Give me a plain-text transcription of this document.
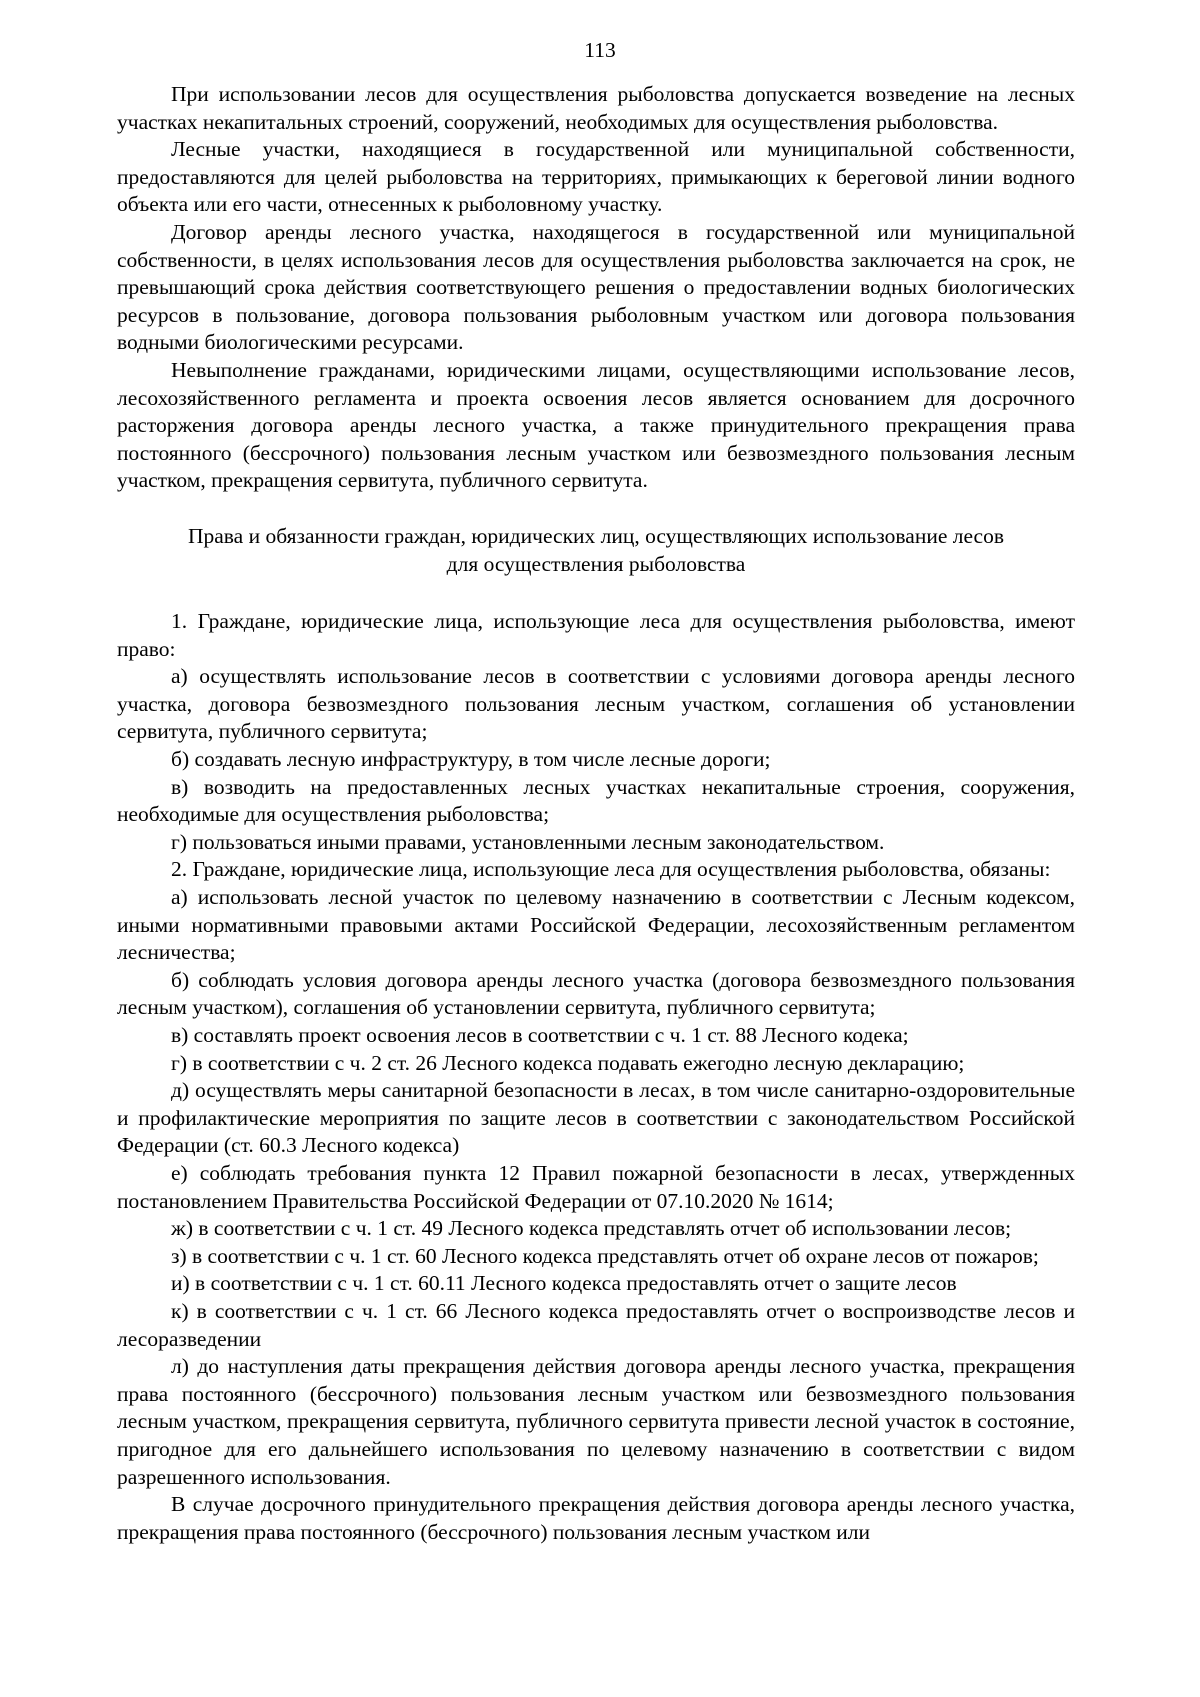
113

При использовании лесов для осуществления рыболовства допускается возведение на лесных участках некапитальных строений, сооружений, необходимых для осуществления рыболовства.

Лесные участки, находящиеся в государственной или муниципальной собственности, предоставляются для целей рыболовства на территориях, примыкающих к береговой линии водного объекта или его части, отнесенных к рыболовному участку.

Договор аренды лесного участка, находящегося в государственной или муниципальной собственности, в целях использования лесов для осуществления рыболовства заключается на срок, не превышающий срока действия соответствующего решения о предоставлении водных биологических ресурсов в пользование, договора пользования рыболовным участком или договора пользования водными биологическими ресурсами.

Невыполнение гражданами, юридическими лицами, осуществляющими использование лесов, лесохозяйственного регламента и проекта освоения лесов является основанием для досрочного расторжения договора аренды лесного участка, а также принудительного прекращения права постоянного (бессрочного) пользования лесным участком или безвозмездного пользования лесным участком, прекращения сервитута, публичного сервитута.

Права и обязанности граждан, юридических лиц, осуществляющих использование лесов
для осуществления рыболовства

1. Граждане, юридические лица, использующие леса для осуществления рыболовства, имеют право:

а) осуществлять использование лесов в соответствии с условиями договора аренды лесного участка, договора безвозмездного пользования лесным участком, соглашения об установлении сервитута, публичного сервитута;

б) создавать лесную инфраструктуру, в том числе лесные дороги;

в) возводить на предоставленных лесных участках некапитальные строения, сооружения, необходимые для осуществления рыболовства;

г) пользоваться иными правами, установленными лесным законодательством.

2. Граждане, юридические лица, использующие леса для осуществления рыболовства, обязаны:

а) использовать лесной участок по целевому назначению в соответствии с Лесным кодексом, иными нормативными правовыми актами Российской Федерации, лесохозяйственным регламентом лесничества;

б) соблюдать условия договора аренды лесного участка (договора безвозмездного пользования лесным участком), соглашения об установлении сервитута, публичного сервитута;

в) составлять проект освоения лесов в соответствии с ч. 1 ст. 88 Лесного кодека;

г) в соответствии с ч. 2 ст. 26 Лесного кодекса подавать ежегодно лесную декларацию;

д) осуществлять меры санитарной безопасности в лесах, в том числе санитарно-оздоровительные и профилактические мероприятия по защите лесов в соответствии с законодательством Российской Федерации (ст. 60.3 Лесного кодекса)

е) соблюдать требования пункта 12 Правил пожарной безопасности в лесах, утвержденных постановлением Правительства Российской Федерации от 07.10.2020 № 1614;

ж) в соответствии с ч. 1 ст. 49 Лесного кодекса представлять отчет об использовании лесов;

з) в соответствии с ч. 1 ст. 60 Лесного кодекса представлять отчет об охране лесов от пожаров;

и) в соответствии с ч. 1 ст. 60.11 Лесного кодекса предоставлять отчет о защите лесов

к) в соответствии с ч. 1 ст. 66 Лесного кодекса предоставлять отчет о воспроизводстве лесов и лесоразведении

л) до наступления даты прекращения действия договора аренды лесного участка, прекращения права постоянного (бессрочного) пользования лесным участком или безвозмездного пользования лесным участком, прекращения сервитута, публичного сервитута привести лесной участок в состояние, пригодное для его дальнейшего использования по целевому назначению в соответствии с видом разрешенного использования.

В случае досрочного принудительного прекращения действия договора аренды лесного участка, прекращения права постоянного (бессрочного) пользования лесным участком или
